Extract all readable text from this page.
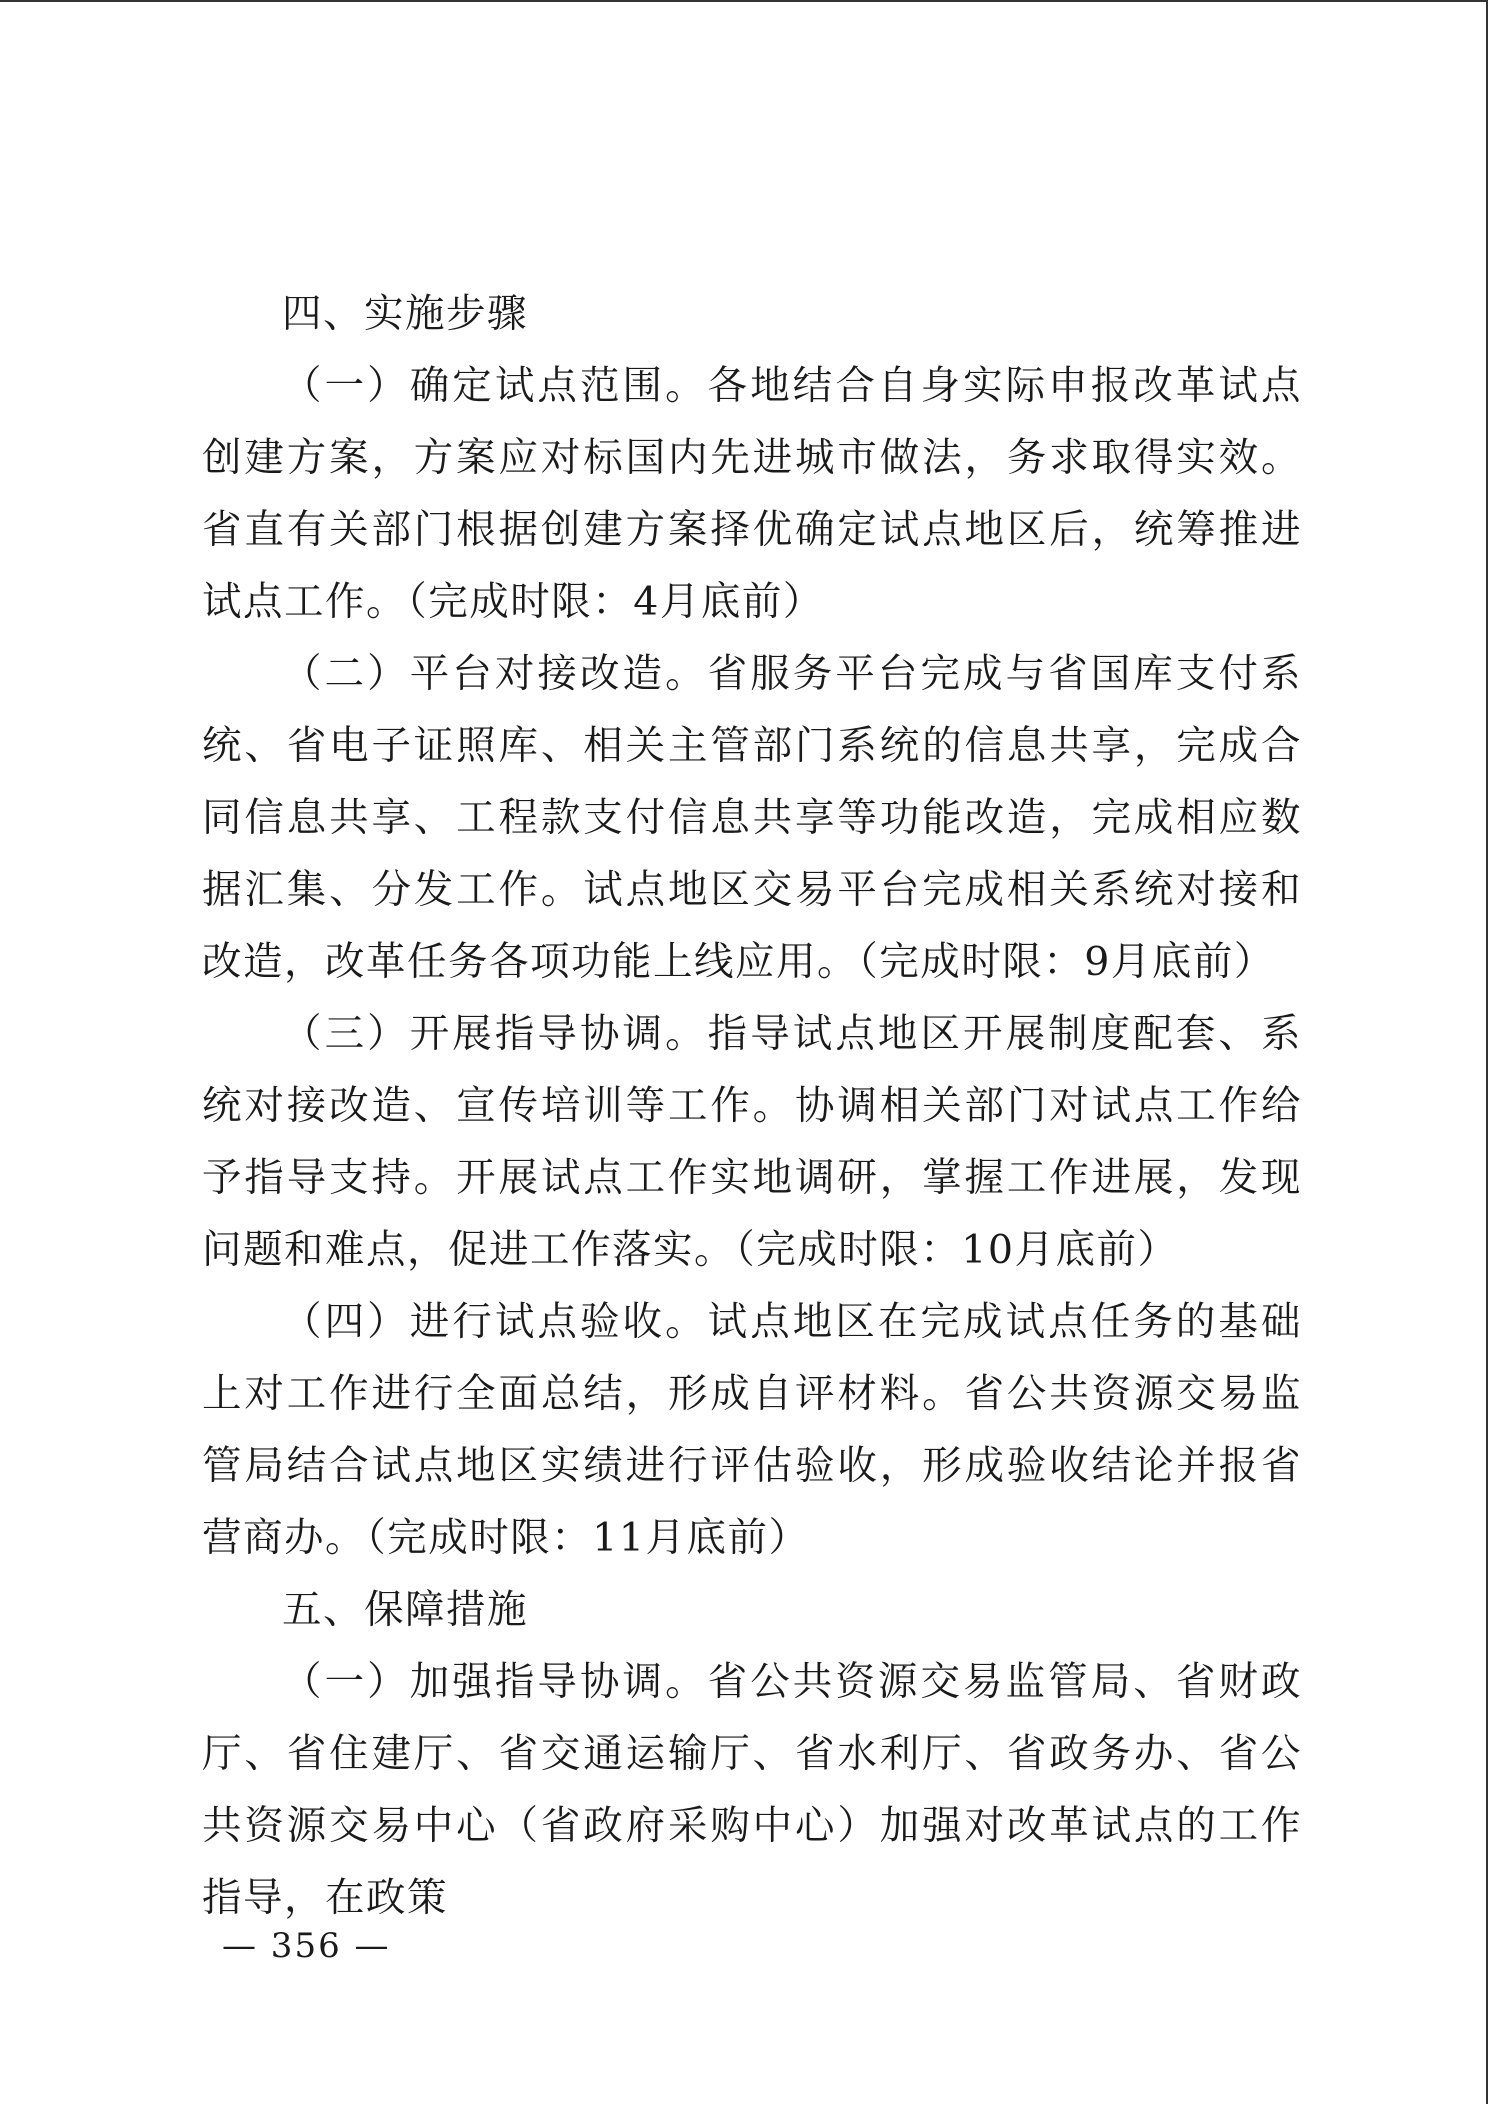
四、实施步骤

（一）确定试点范围。各地结合自身实际申报改革试点创建方案，方案应对标国内先进城市做法，务求取得实效。省直有关部门根据创建方案择优确定试点地区后，统筹推进试点工作。（完成时限：4月底前）

（二）平台对接改造。省服务平台完成与省国库支付系统、省电子证照库、相关主管部门系统的信息共享，完成合同信息共享、工程款支付信息共享等功能改造，完成相应数据汇集、分发工作。试点地区交易平台完成相关系统对接和改造，改革任务各项功能上线应用。（完成时限：9月底前）

（三）开展指导协调。指导试点地区开展制度配套、系统对接改造、宣传培训等工作。协调相关部门对试点工作给予指导支持。开展试点工作实地调研，掌握工作进展，发现问题和难点，促进工作落实。（完成时限：10月底前）

（四）进行试点验收。试点地区在完成试点任务的基础上对工作进行全面总结，形成自评材料。省公共资源交易监管局结合试点地区实绩进行评估验收，形成验收结论并报省营商办。（完成时限：11月底前）

五、保障措施

（一）加强指导协调。省公共资源交易监管局、省财政厅、省住建厅、省交通运输厅、省水利厅、省政务办、省公共资源交易中心（省政府采购中心）加强对改革试点的工作指导，在政策

— 356 —
